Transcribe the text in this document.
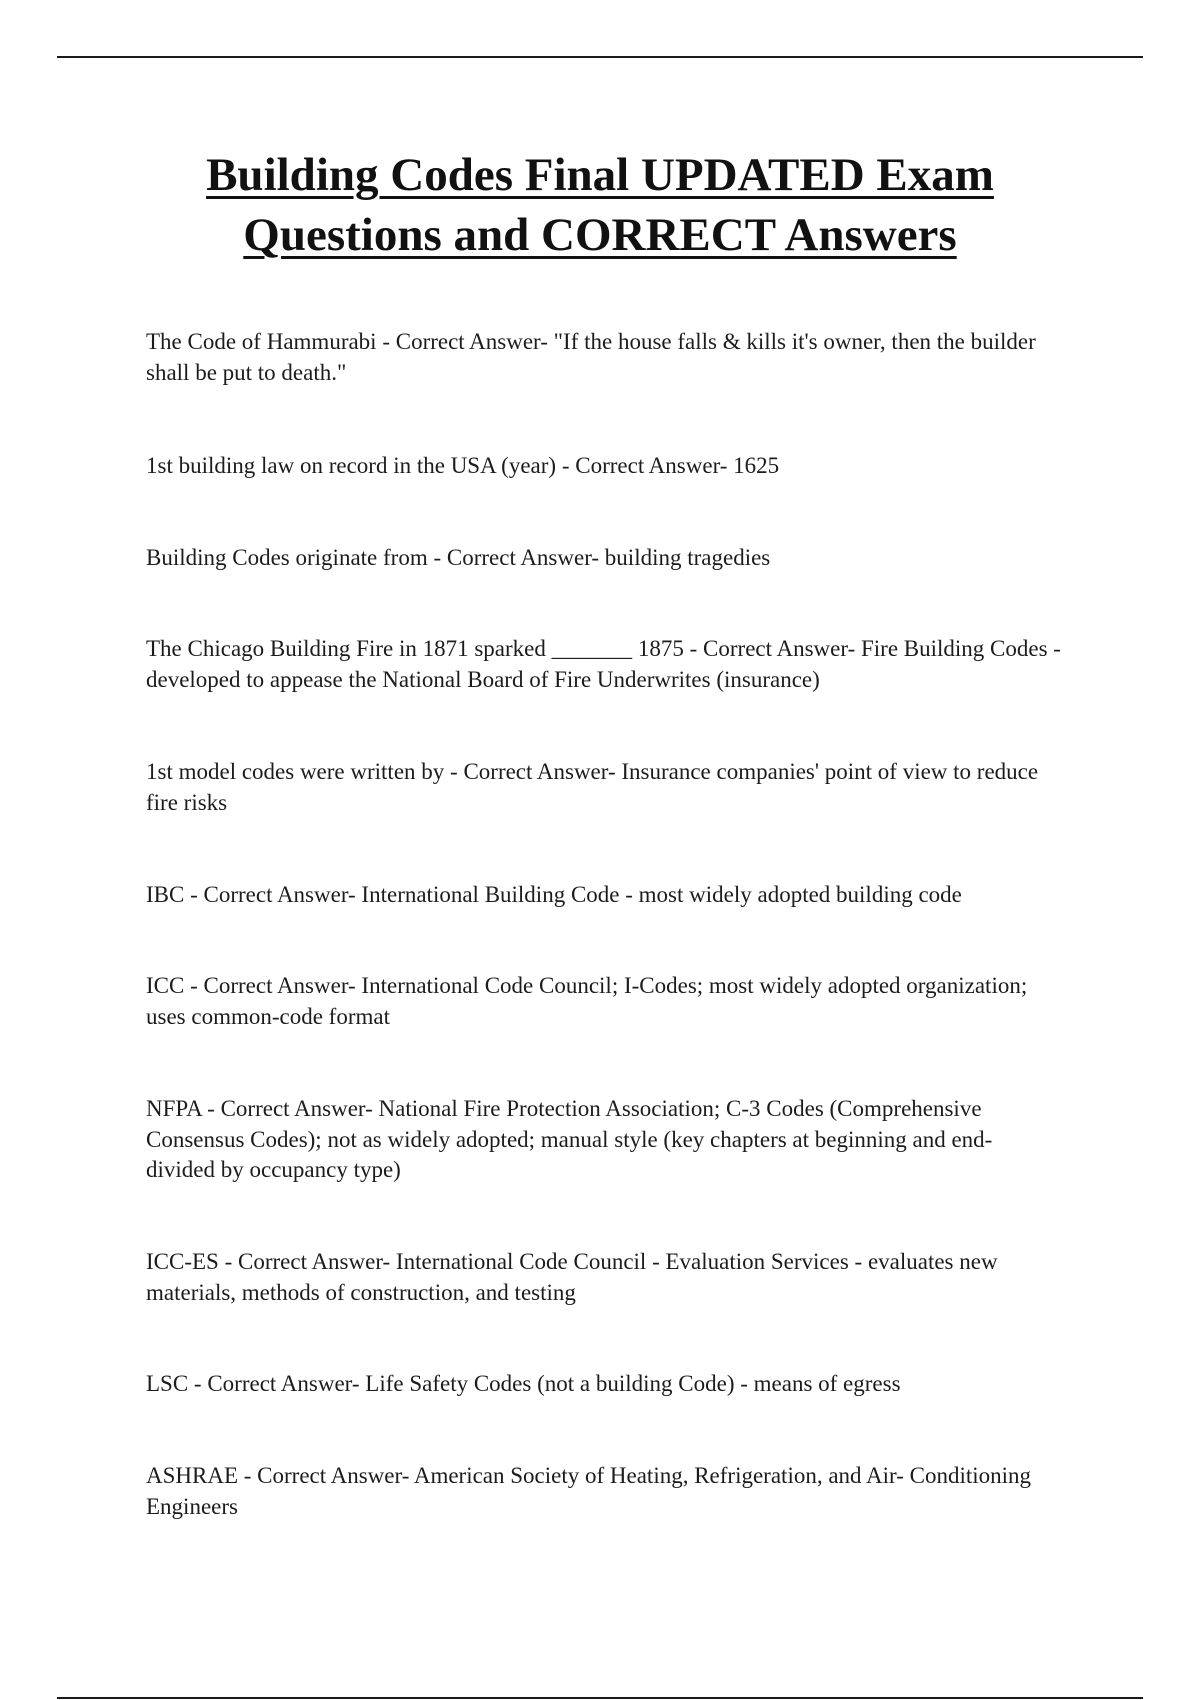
Building Codes Final UPDATED Exam
Questions and CORRECT Answers

The Code of Hammurabi - Correct Answer- "If the house falls & kills it's owner, then the builder shall be put to death."

1st building law on record in the USA (year) - Correct Answer- 1625

Building Codes originate from - Correct Answer- building tragedies

The Chicago Building Fire in 1871 sparked _______ 1875 - Correct Answer- Fire Building Codes - developed to appease the National Board of Fire Underwrites (insurance)

1st model codes were written by - Correct Answer- Insurance companies' point of view to reduce fire risks

IBC - Correct Answer- International Building Code - most widely adopted building code

ICC - Correct Answer- International Code Council; I-Codes; most widely adopted organization; uses common-code format

NFPA - Correct Answer- National Fire Protection Association; C-3 Codes (Comprehensive Consensus Codes); not as widely adopted; manual style (key chapters at beginning and end- divided by occupancy type)

ICC-ES - Correct Answer- International Code Council - Evaluation Services - evaluates new materials, methods of construction, and testing

LSC - Correct Answer- Life Safety Codes (not a building Code) - means of egress

ASHRAE - Correct Answer- American Society of Heating, Refrigeration, and Air- Conditioning Engineers
